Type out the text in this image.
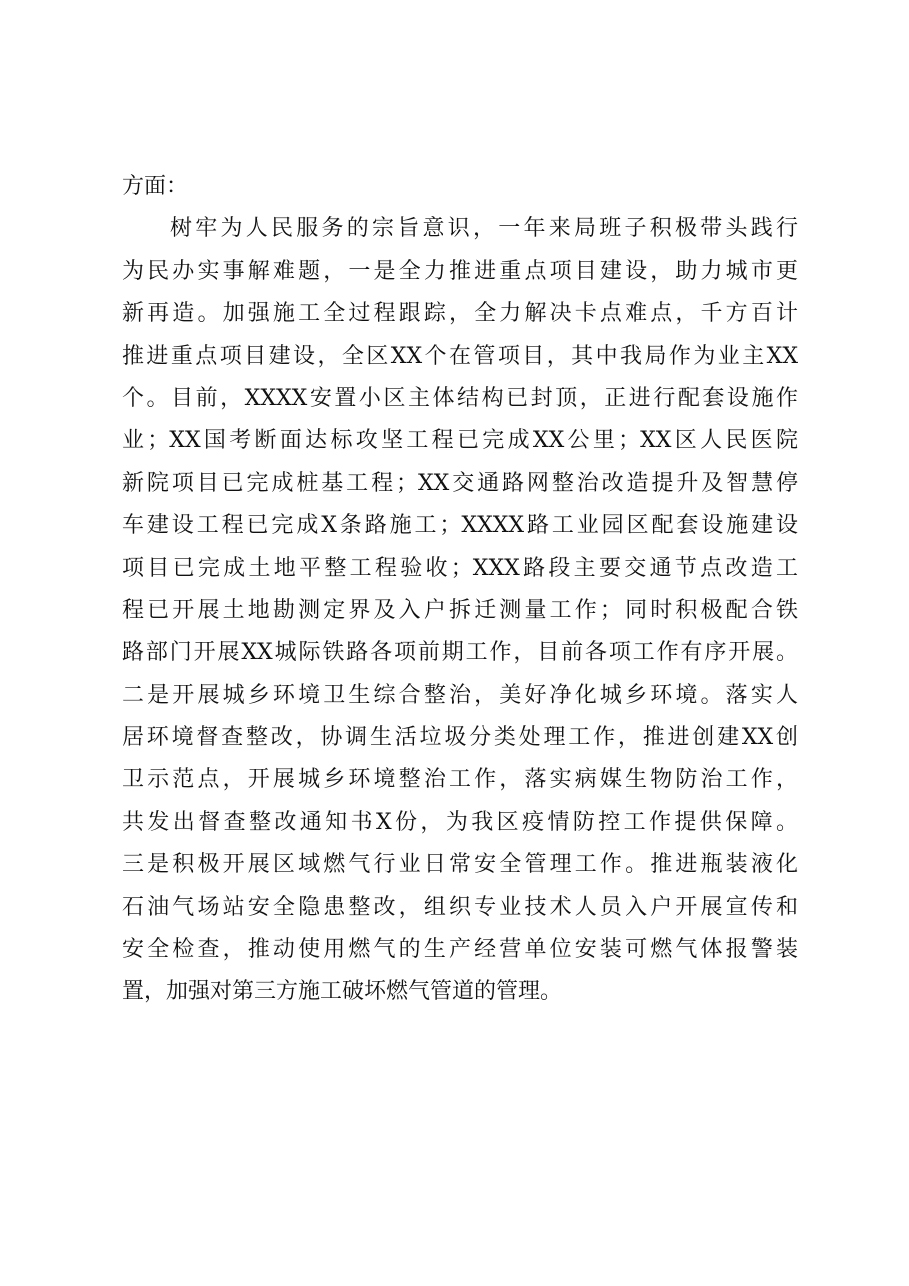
方面：
树牢为人民服务的宗旨意识，一年来局班子积极带头践行
为民办实事解难题，一是全力推进重点项目建设，助力城市更
新再造。加强施工全过程跟踪，全力解决卡点难点，千方百计
推进重点项目建设，全区XX个在管项目，其中我局作为业主XX
个。目前，XXXX安置小区主体结构已封顶，正进行配套设施作
业；XX国考断面达标攻坚工程已完成XX公里；XX区人民医院
新院项目已完成桩基工程；XX交通路网整治改造提升及智慧停
车建设工程已完成X条路施工；XXXX路工业园区配套设施建设
项目已完成土地平整工程验收；XXX路段主要交通节点改造工
程已开展土地勘测定界及入户拆迁测量工作；同时积极配合铁
路部门开展XX城际铁路各项前期工作，目前各项工作有序开展。
二是开展城乡环境卫生综合整治，美好净化城乡环境。落实人
居环境督查整改，协调生活垃圾分类处理工作，推进创建XX创
卫示范点，开展城乡环境整治工作，落实病媒生物防治工作，
共发出督查整改通知书X份，为我区疫情防控工作提供保障。
三是积极开展区域燃气行业日常安全管理工作。推进瓶装液化
石油气场站安全隐患整改，组织专业技术人员入户开展宣传和
安全检查，推动使用燃气的生产经营单位安装可燃气体报警装
置，加强对第三方施工破坏燃气管道的管理。
